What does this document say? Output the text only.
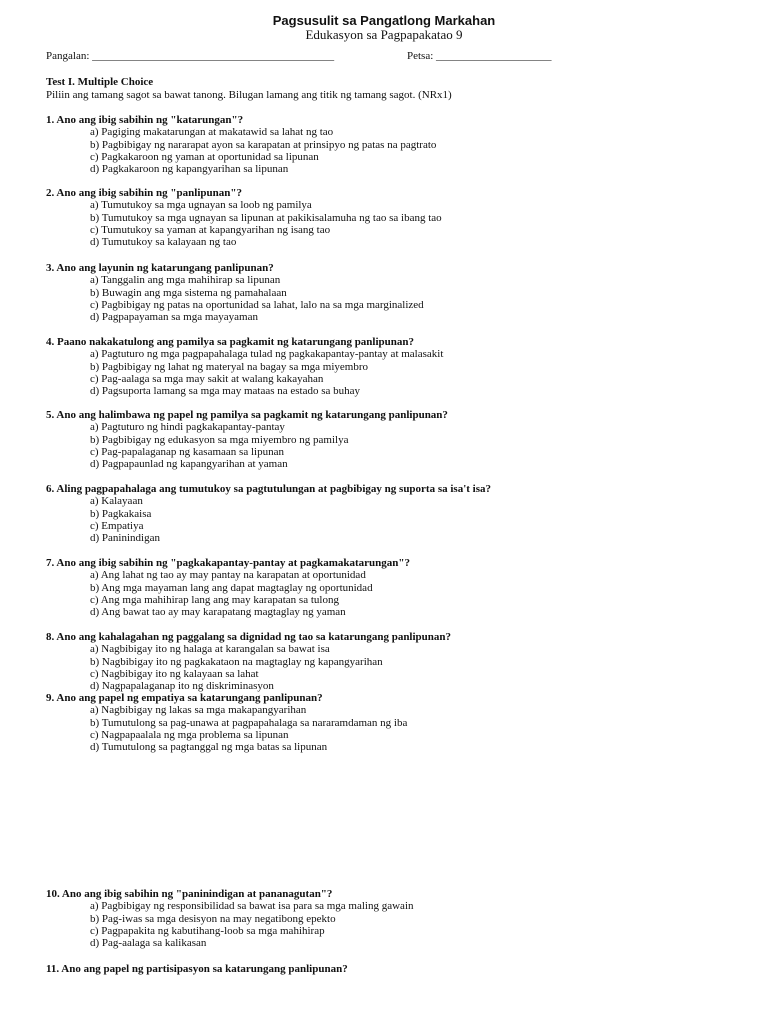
Pagsusulit sa Pangatlong Markahan
Edukasyon sa Pagpapakatao 9
Pangalan: ____________________________________________	Petsa: _____________________
Test I. Multiple Choice
Piliin ang tamang sagot sa bawat tanong. Bilugan lamang ang titik ng tamang sagot. (NRx1)
1. Ano ang ibig sabihin ng "katarungan"?
a) Pagiging makatarungan at makatawid sa lahat ng tao
b) Pagbibigay ng nararapat ayon sa karapatan at prinsipyo ng patas na pagtrato
c) Pagkakaroon ng yaman at oportunidad sa lipunan
d) Pagkakaroon ng kapangyarihan sa lipunan
2. Ano ang ibig sabihin ng "panlipunan"?
a) Tumutukoy sa mga ugnayan sa loob ng pamilya
b) Tumutukoy sa mga ugnayan sa lipunan at pakikisalamuha ng tao sa ibang tao
c) Tumutukoy sa yaman at kapangyarihan ng isang tao
d) Tumutukoy sa kalayaan ng tao
3. Ano ang layunin ng katarungang panlipunan?
a) Tanggalin ang mga mahihirap sa lipunan
b) Buwagin ang mga sistema ng pamahalaan
c) Pagbibigay ng patas na oportunidad sa lahat, lalo na sa mga marginalized
d) Pagpapayaman sa mga mayayaman
4. Paano nakakatulong ang pamilya sa pagkamit ng katarungang panlipunan?
a) Pagtuturo ng mga pagpapahalaga tulad ng pagkakapantay-pantay at malasakit
b) Pagbibigay ng lahat ng materyal na bagay sa mga miyembro
c) Pag-aalaga sa mga may sakit at walang kakayahan
d) Pagsuporta lamang sa mga may mataas na estado sa buhay
5. Ano ang halimbawa ng papel ng pamilya sa pagkamit ng katarungang panlipunan?
a) Pagtuturo ng hindi pagkakapantay-pantay
b) Pagbibigay ng edukasyon sa mga miyembro ng pamilya
c) Pag-papalaganap ng kasamaan sa lipunan
d) Pagpapaunlad ng kapangyarihan at yaman
6. Aling pagpapahalaga ang tumutukoy sa pagtutulungan at pagbibigay ng suporta sa isa't isa?
a) Kalayaan
b) Pagkakaisa
c) Empatiya
d) Paninindigan
7. Ano ang ibig sabihin ng "pagkakapantay-pantay at pagkamakatarungan"?
a) Ang lahat ng tao ay may pantay na karapatan at oportunidad
b) Ang mga mayaman lang ang dapat magtaglay ng oportunidad
c) Ang mga mahihirap lang ang may karapatan sa tulong
d) Ang bawat tao ay may karapatang magtaglay ng yaman
8. Ano ang kahalagahan ng paggalang sa dignidad ng tao sa katarungang panlipunan?
a) Nagbibigay ito ng halaga at karangalan sa bawat isa
b) Nagbibigay ito ng pagkakataon na magtaglay ng kapangyarihan
c) Nagbibigay ito ng kalayaan sa lahat
d) Nagpapalaganap ito ng diskriminasyon
9. Ano ang papel ng empatiya sa katarungang panlipunan?
a) Nagbibigay ng lakas sa mga makapangyarihan
b) Tumutulong sa pag-unawa at pagpapahalaga sa nararamdaman ng iba
c) Nagpapaalala ng mga problema sa lipunan
d) Tumutulong sa pagtanggal ng mga batas sa lipunan
10. Ano ang ibig sabihin ng "paninindigan at pananagutan"?
a) Pagbibigay ng responsibilidad sa bawat isa para sa mga maling gawain
b) Pag-iwas sa mga desisyon na may negatibong epekto
c) Pagpapakita ng kabutihang-loob sa mga mahihirap
d) Pag-aalaga sa kalikasan
11. Ano ang papel ng partisipasyon sa katarungang panlipunan?
